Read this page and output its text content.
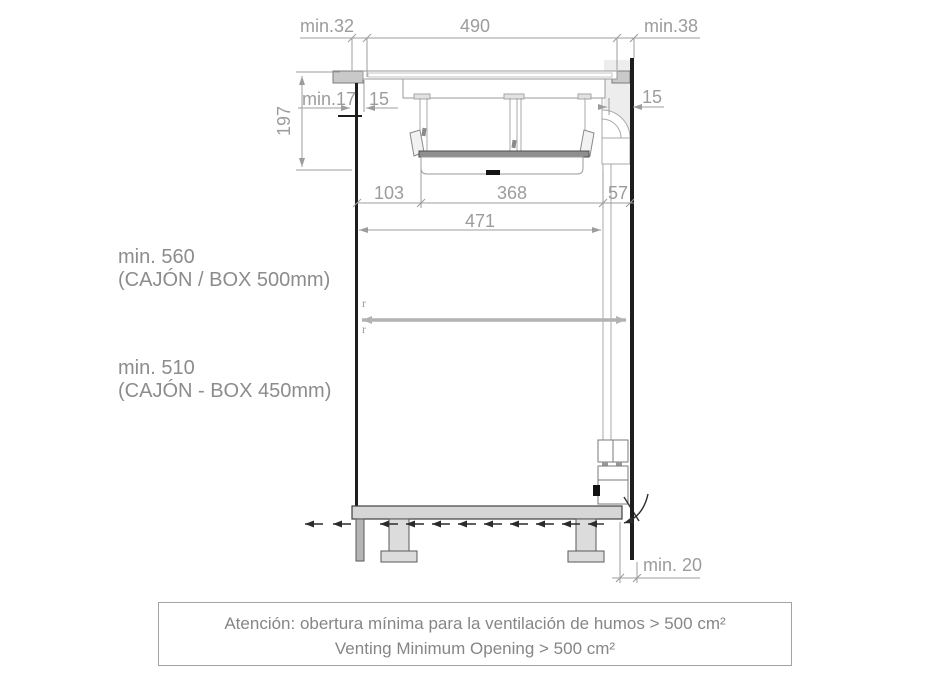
min.32	490	min.38
197
min.17 15	15
103	368	57
471
min. 20
r
r
min. 560
(CAJÓN / BOX 500mm)
min. 510
(CAJÓN - BOX 450mm)
Atención: obertura mínima para la ventilación de humos > 500 cm²
Venting Minimum Opening > 500 cm²
